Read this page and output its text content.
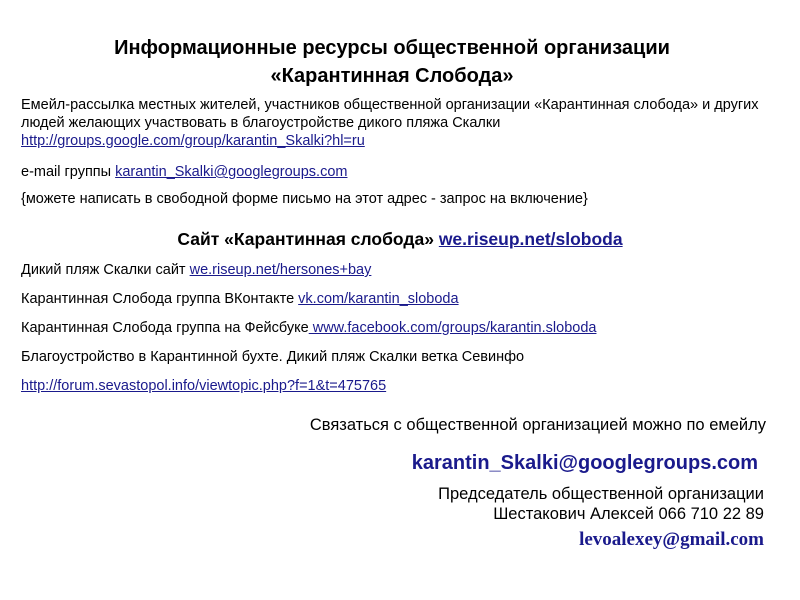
Информационные ресурсы общественной организации
«Карантинная Слобода»
Емейл-рассылка местных жителей, участников общественной организации «Карантинная слобода» и других людей желающих участвовать в благоустройстве дикого пляжа Скалки http://groups.google.com/group/karantin_Skalki?hl=ru
e-mail группы karantin_Skalki@googlegroups.com
{можете написать в свободной форме письмо на этот адрес - запрос на включение}
Сайт «Карантинная слобода» we.riseup.net/sloboda
Дикий пляж Скалки сайт we.riseup.net/hersones+bay
Карантинная Слобода группа ВКонтакте vk.com/karantin_sloboda
Карантинная Слобода группа на Фейсбуке www.facebook.com/groups/karantin.sloboda
Благоустройство в Карантинной бухте. Дикий пляж Скалки ветка Севинфо
http://forum.sevastopol.info/viewtopic.php?f=1&t=475765
Связаться с общественной организацией можно по емейлу
karantin_Skalki@googlegroups.com
Председатель общественной организации
Шестакович Алексей 066 710 22 89
levoalexey@gmail.com
